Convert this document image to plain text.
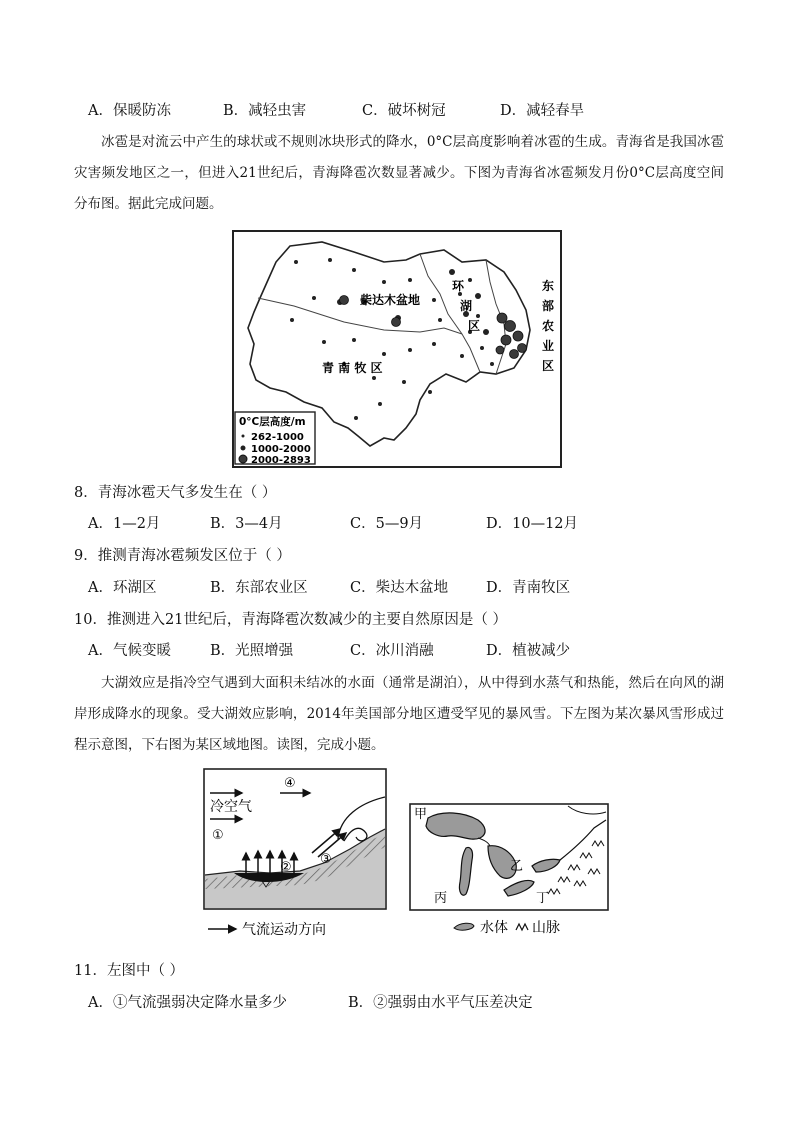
A．保暖防冻	B．减轻虫害	C．破坏树冠	D．减轻春旱
冰雹是对流云中产生的球状或不规则冰块形式的降水，0°C层高度影响着冰雹的生成。青海省是我国冰雹灾害频发地区之一，但进入21世纪后，青海降雹次数显著减少。下图为青海省冰雹频发月份0°C层高度空间分布图。据此完成问题。
柴达木盆地
环
湖
区
东
部
农
业
区
青 南 牧 区
0°C层高度/m
262-1000
1000-2000
2000-2893
8．青海冰雹天气多发生在（ ）
A．1—2月	B．3—4月	C．5—9月	D．10—12月
9．推测青海冰雹频发区位于（ ）
A．环湖区	B．东部农业区	C．柴达木盆地	D．青南牧区
10．推测进入21世纪后，青海降雹次数减少的主要自然原因是（ ）
A．气候变暖	B．光照增强	C．冰川消融	D．植被减少
大湖效应是指冷空气遇到大面积未结冰的水面（通常是湖泊），从中得到水蒸气和热能，然后在向风的湖岸形成降水的现象。受大湖效应影响，2014年美国部分地区遭受罕见的暴风雪。下左图为某次暴风雪形成过程示意图，下右图为某区域地图。读图，完成小题。
冷空气
①
④
②
③
气流运动方向
甲
乙
丙	丁
水体 山脉
11．左图中（ ）
A．①气流强弱决定降水量多少	B．②强弱由水平气压差决定
